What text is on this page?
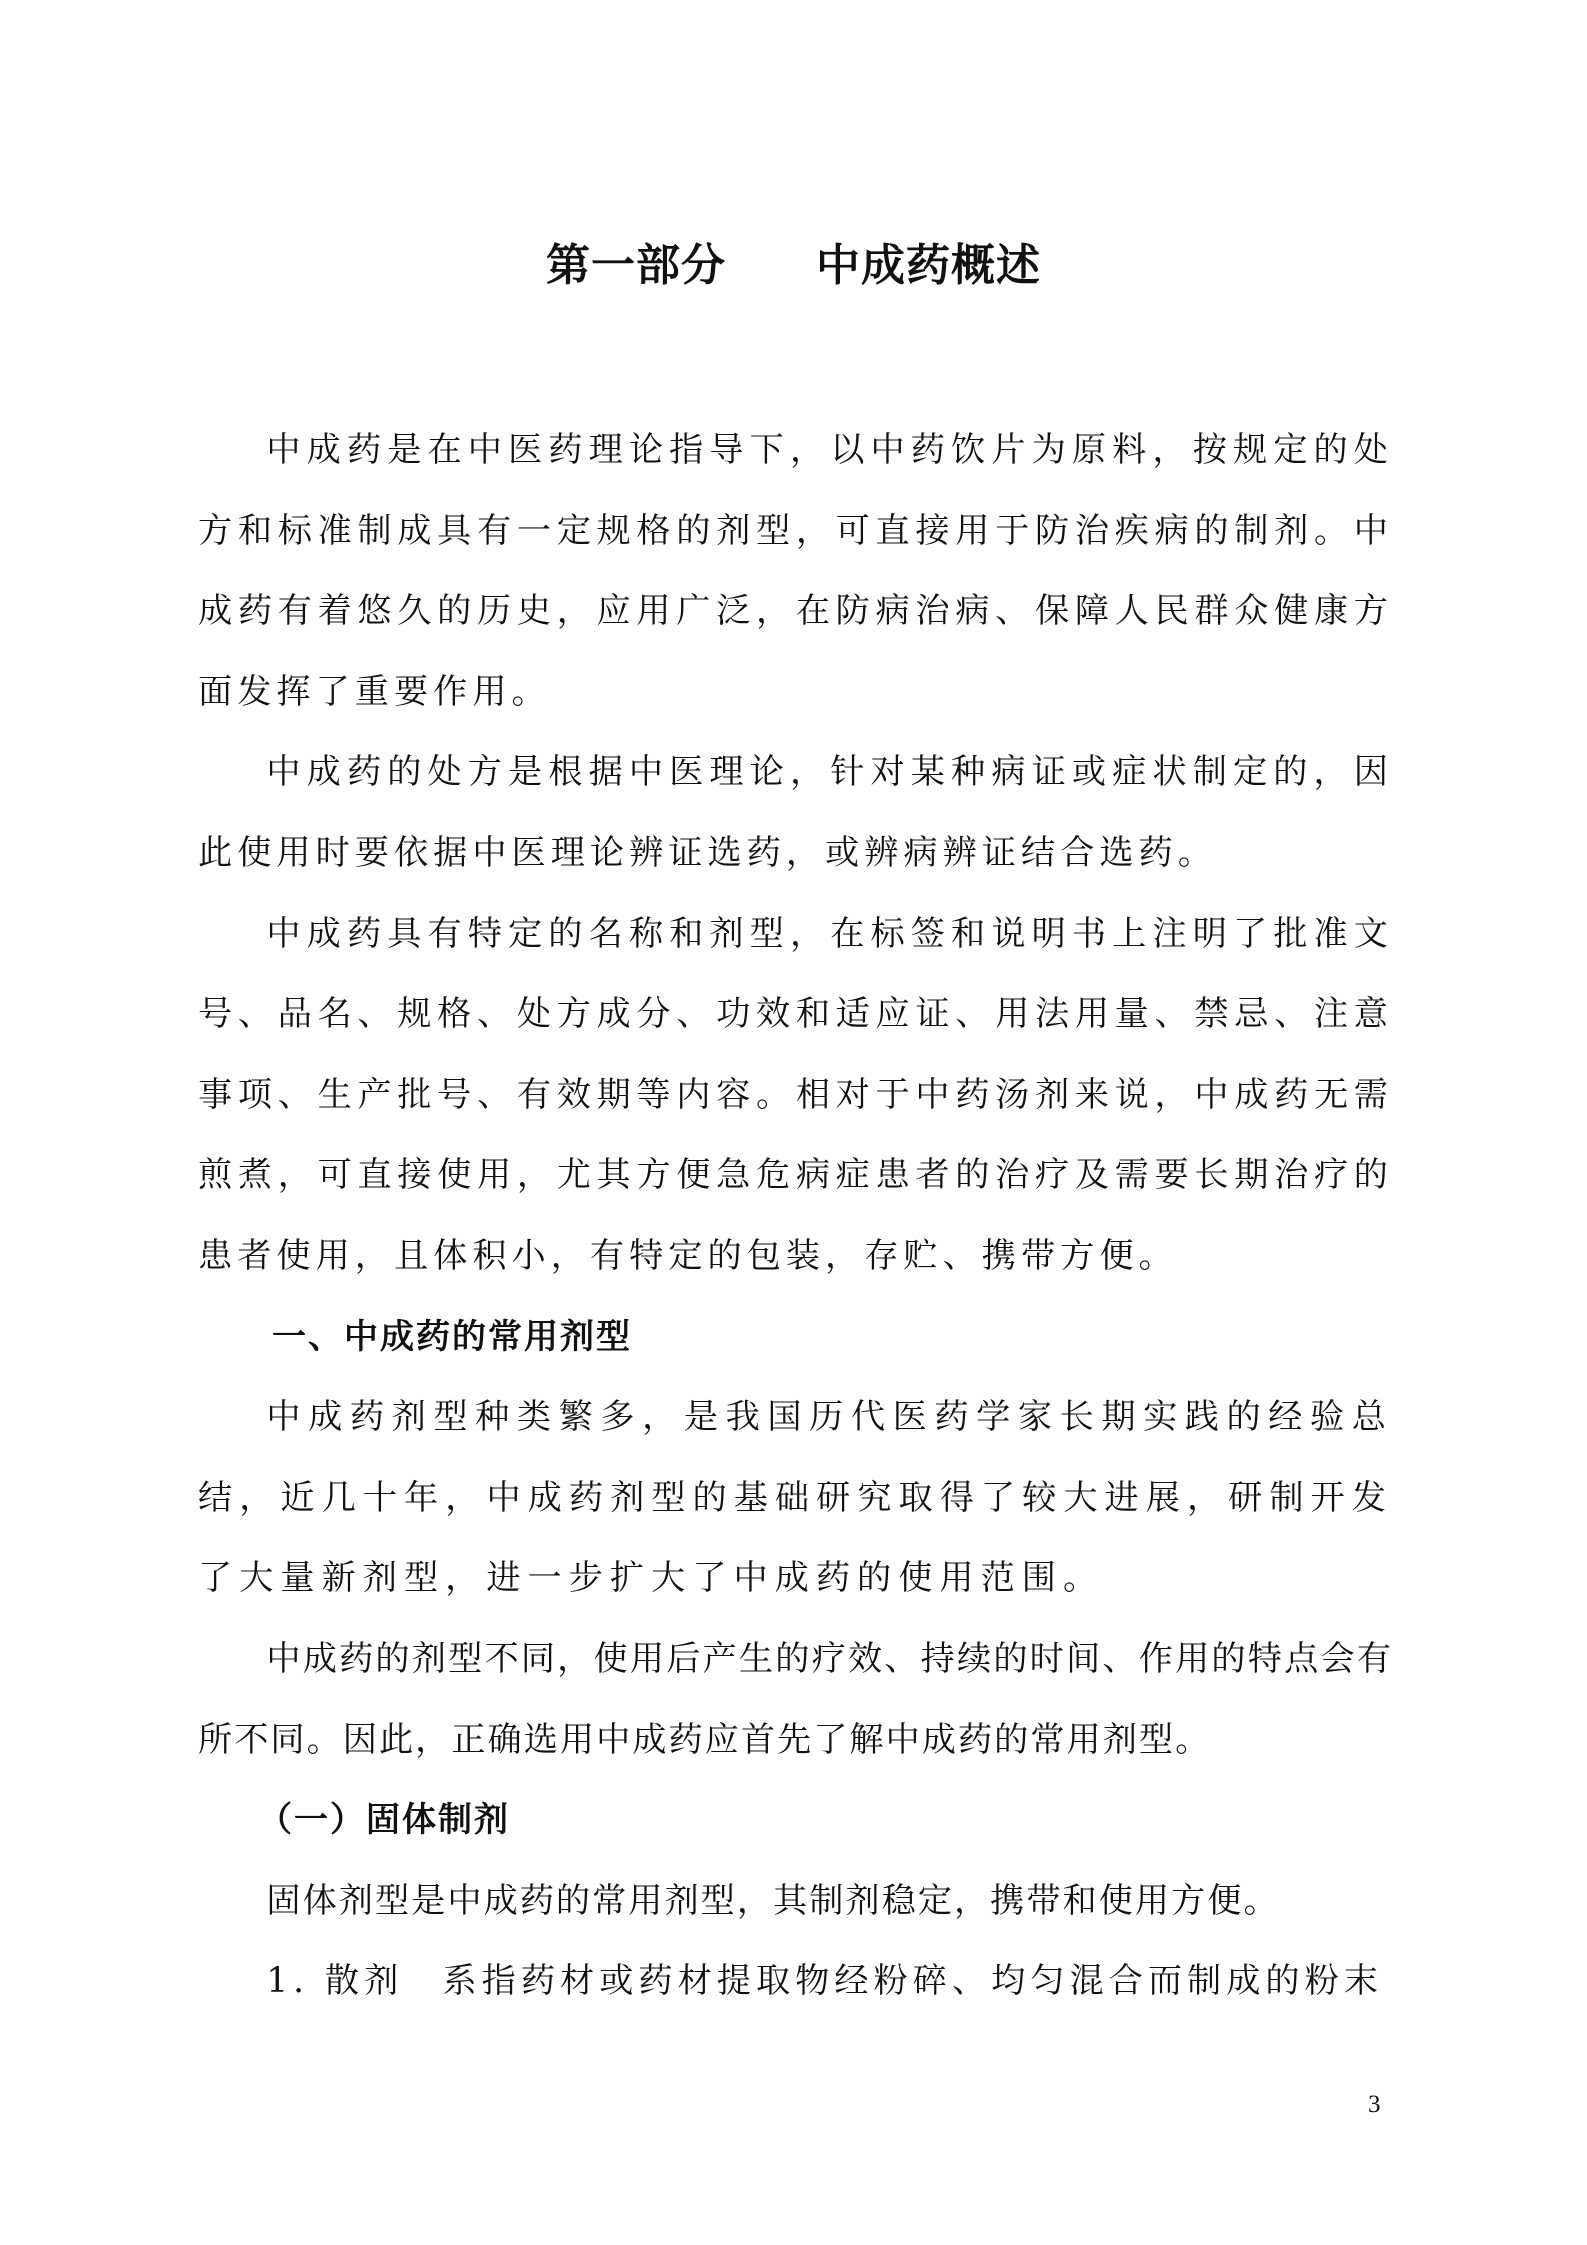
第一部分　　中成药概述

中成药是在中医药理论指导下，以中药饮片为原料，按规定的处方和标准制成具有一定规格的剂型，可直接用于防治疾病的制剂。中成药有着悠久的历史，应用广泛，在防病治病、保障人民群众健康方面发挥了重要作用。

中成药的处方是根据中医理论，针对某种病证或症状制定的，因此使用时要依据中医理论辨证选药，或辨病辨证结合选药。

中成药具有特定的名称和剂型，在标签和说明书上注明了批准文号、品名、规格、处方成分、功效和适应证、用法用量、禁忌、注意事项、生产批号、有效期等内容。相对于中药汤剂来说，中成药无需煎煮，可直接使用，尤其方便急危病症患者的治疗及需要长期治疗的患者使用，且体积小，有特定的包装，存贮、携带方便。

一、中成药的常用剂型

中成药剂型种类繁多，是我国历代医药学家长期实践的经验总结，近几十年，中成药剂型的基础研究取得了较大进展，研制开发了大量新剂型，进一步扩大了中成药的使用范围。

中成药的剂型不同，使用后产生的疗效、持续的时间、作用的特点会有所不同。因此，正确选用中成药应首先了解中成药的常用剂型。

（一）固体制剂

固体剂型是中成药的常用剂型，其制剂稳定，携带和使用方便。

1. 散剂　系指药材或药材提取物经粉碎、均匀混合而制成的粉末

3
